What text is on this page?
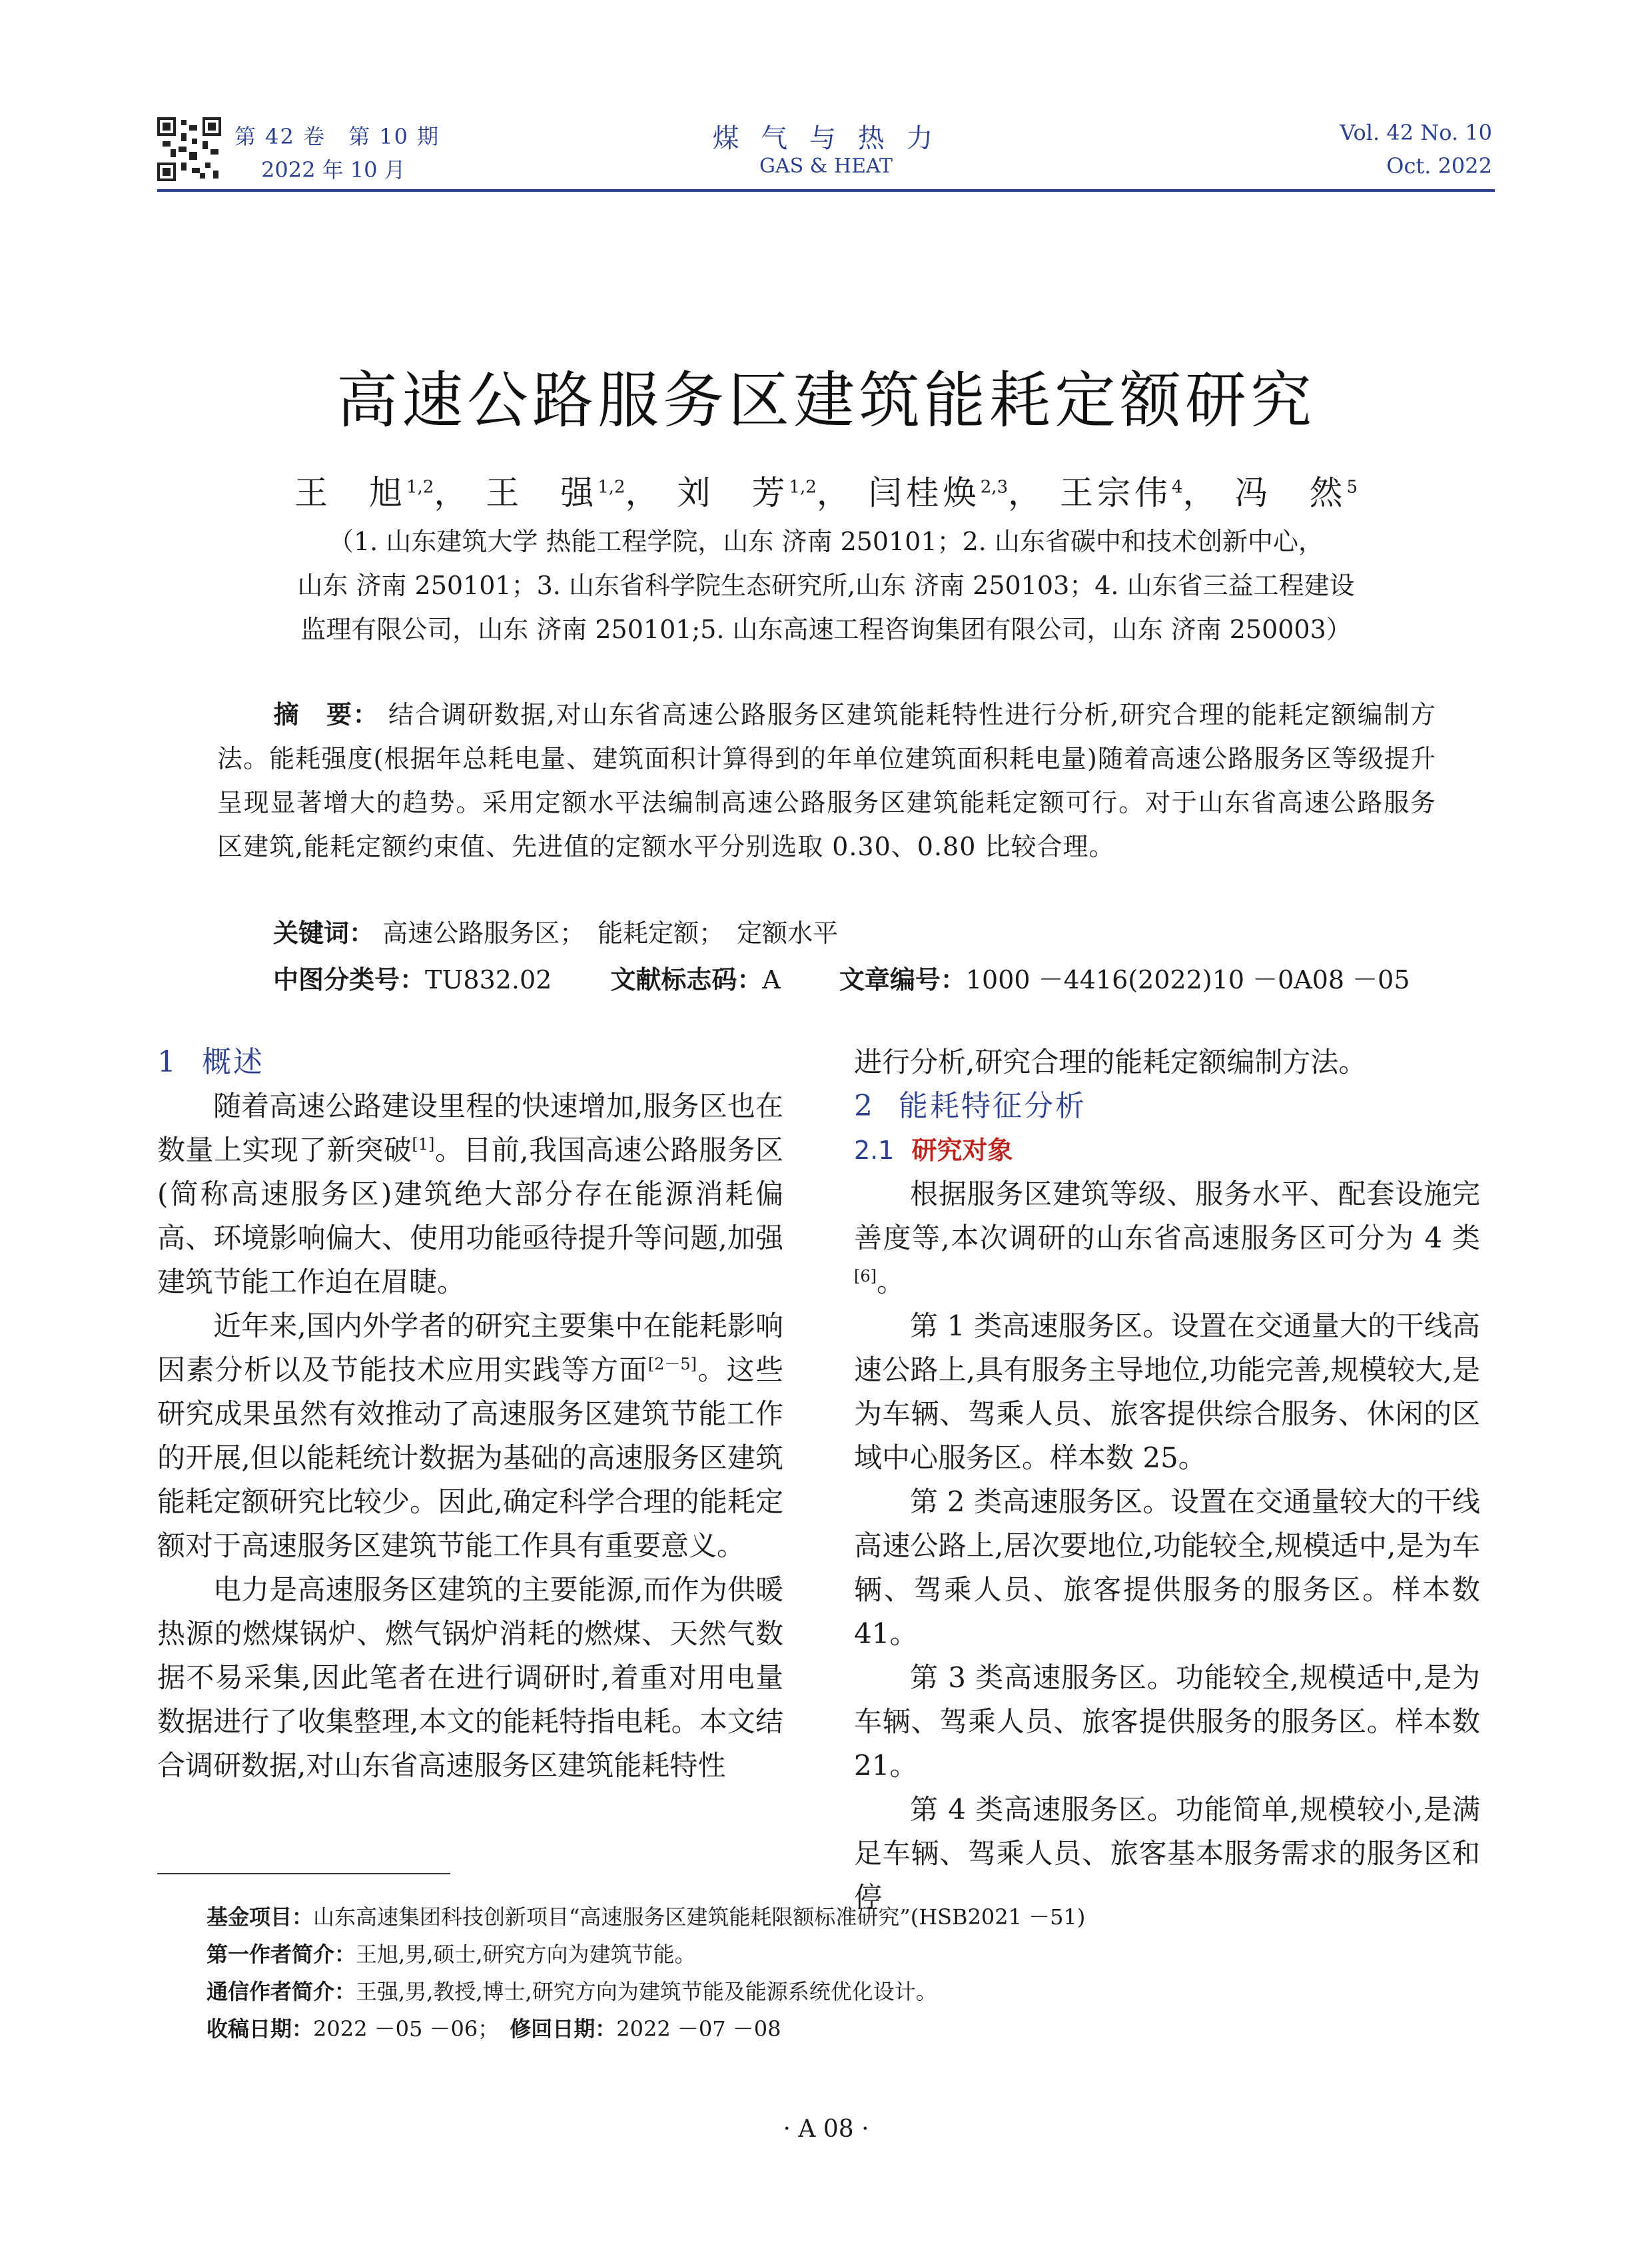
第 42 卷　第 10 期
2022 年 10 月
煤 气 与 热 力
GAS & HEAT
Vol. 42 No. 10
Oct. 2022
高速公路服务区建筑能耗定额研究
王　旭$^{1,2}$， 王　强$^{1,2}$， 刘　芳$^{1,2}$， 闫桂焕$^{2,3}$， 王宗伟$^4$， 冯　然$^5$
（1. 山东建筑大学 热能工程学院，山东 济南 250101；2. 山东省碳中和技术创新中心，
山东 济南 250101；3. 山东省科学院生态研究所,山东 济南 250103；4. 山东省三益工程建设
监理有限公司，山东 济南 250101;5. 山东高速工程咨询集团有限公司，山东 济南 250003）
摘　要： 结合调研数据,对山东省高速公路服务区建筑能耗特性进行分析,研究合理的能耗定额编制方法。能耗强度(根据年总耗电量、建筑面积计算得到的年单位建筑面积耗电量)随着高速公路服务区等级提升呈现显著增大的趋势。采用定额水平法编制高速公路服务区建筑能耗定额可行。对于山东省高速公路服务区建筑,能耗定额约束值、先进值的定额水平分别选取 0.30、0.80 比较合理。
关键词： 高速公路服务区；　能耗定额；　定额水平
中图分类号：TU832.02 文献标志码：A 文章编号：1000 －4416(2022)10 －0A08 －05

1 概述

随着高速公路建设里程的快速增加,服务区也在数量上实现了新突破[1]。目前,我国高速公路服务区(简称高速服务区)建筑绝大部分存在能源消耗偏高、环境影响偏大、使用功能亟待提升等问题,加强建筑节能工作迫在眉睫。

近年来,国内外学者的研究主要集中在能耗影响因素分析以及节能技术应用实践等方面[2－5]。这些研究成果虽然有效推动了高速服务区建筑节能工作的开展,但以能耗统计数据为基础的高速服务区建筑能耗定额研究比较少。因此,确定科学合理的能耗定额对于高速服务区建筑节能工作具有重要意义。

电力是高速服务区建筑的主要能源,而作为供暖热源的燃煤锅炉、燃气锅炉消耗的燃煤、天然气数据不易采集,因此笔者在进行调研时,着重对用电量数据进行了收集整理,本文的能耗特指电耗。本文结合调研数据,对山东省高速服务区建筑能耗特性

进行分析,研究合理的能耗定额编制方法。

2 能耗特征分析

2.1 研究对象

根据服务区建筑等级、服务水平、配套设施完善度等,本次调研的山东省高速服务区可分为 4 类[6]。

第 1 类高速服务区。设置在交通量大的干线高速公路上,具有服务主导地位,功能完善,规模较大,是为车辆、驾乘人员、旅客提供综合服务、休闲的区域中心服务区。样本数 25。

第 2 类高速服务区。设置在交通量较大的干线高速公路上,居次要地位,功能较全,规模适中,是为车辆、驾乘人员、旅客提供服务的服务区。样本数 41。

第 3 类高速服务区。功能较全,规模适中,是为车辆、驾乘人员、旅客提供服务的服务区。样本数 21。

第 4 类高速服务区。功能简单,规模较小,是满足车辆、驾乘人员、旅客基本服务需求的服务区和停

基金项目：山东高速集团科技创新项目“高速服务区建筑能耗限额标准研究”(HSB2021 －51)
第一作者简介：王旭,男,硕士,研究方向为建筑节能。
通信作者简介：王强,男,教授,博士,研究方向为建筑节能及能源系统优化设计。
收稿日期：2022 －05 －06；　 修回日期：2022 －07 －08
· A 08 ·
